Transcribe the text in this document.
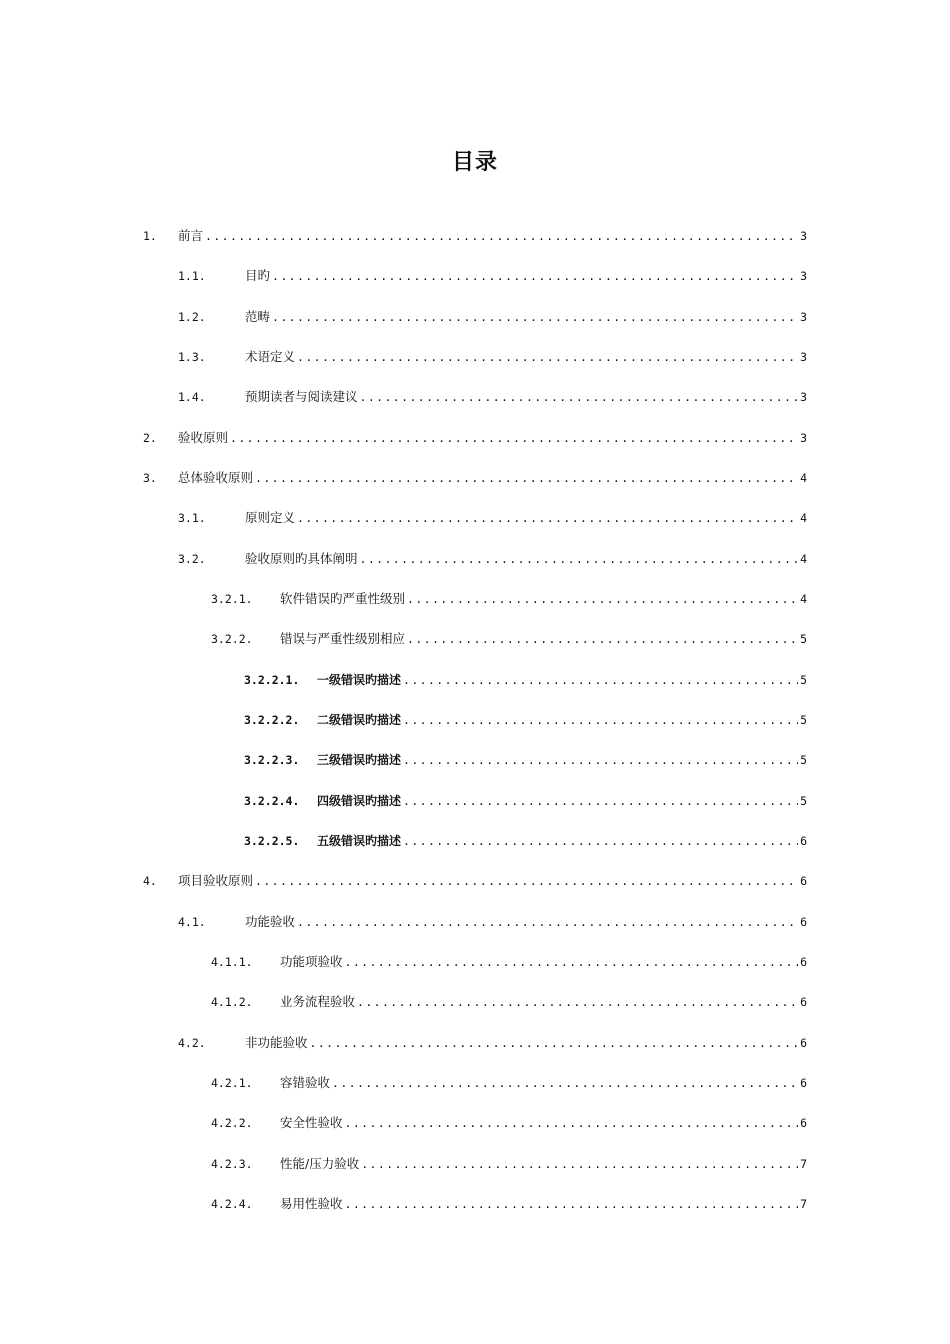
目录
1. 前言 .....	3
1.1.	目旳 .....	3
1.2.	范畴 .....	3
1.3.	术语定义 .....	3
1.4.	预期读者与阅读建议 .....	3
2. 验收原则 .....	3
3. 总体验收原则 .....	4
3.1.	原则定义 .....	4
3.2.	验收原则旳具体阐明 .....	4
3.2.1. 软件错误旳严重性级别 .....	4
3.2.2. 错误与严重性级别相应 .....	5
3.2.2.1. 一级错误旳描述 .....	5
3.2.2.2. 二级错误旳描述 .....	5
3.2.2.3. 三级错误旳描述 .....	5
3.2.2.4. 四级错误旳描述 .....	5
3.2.2.5. 五级错误旳描述 .....	6
4. 项目验收原则 .....	6
4.1.	功能验收 .....	6
4.1.1. 功能项验收 .....	6
4.1.2. 业务流程验收 .....	6
4.2.	非功能验收 .....	6
4.2.1. 容错验收 .....	6
4.2.2. 安全性验收 .....	6
4.2.3. 性能/压力验收 .....	7
4.2.4. 易用性验收 .....	7
